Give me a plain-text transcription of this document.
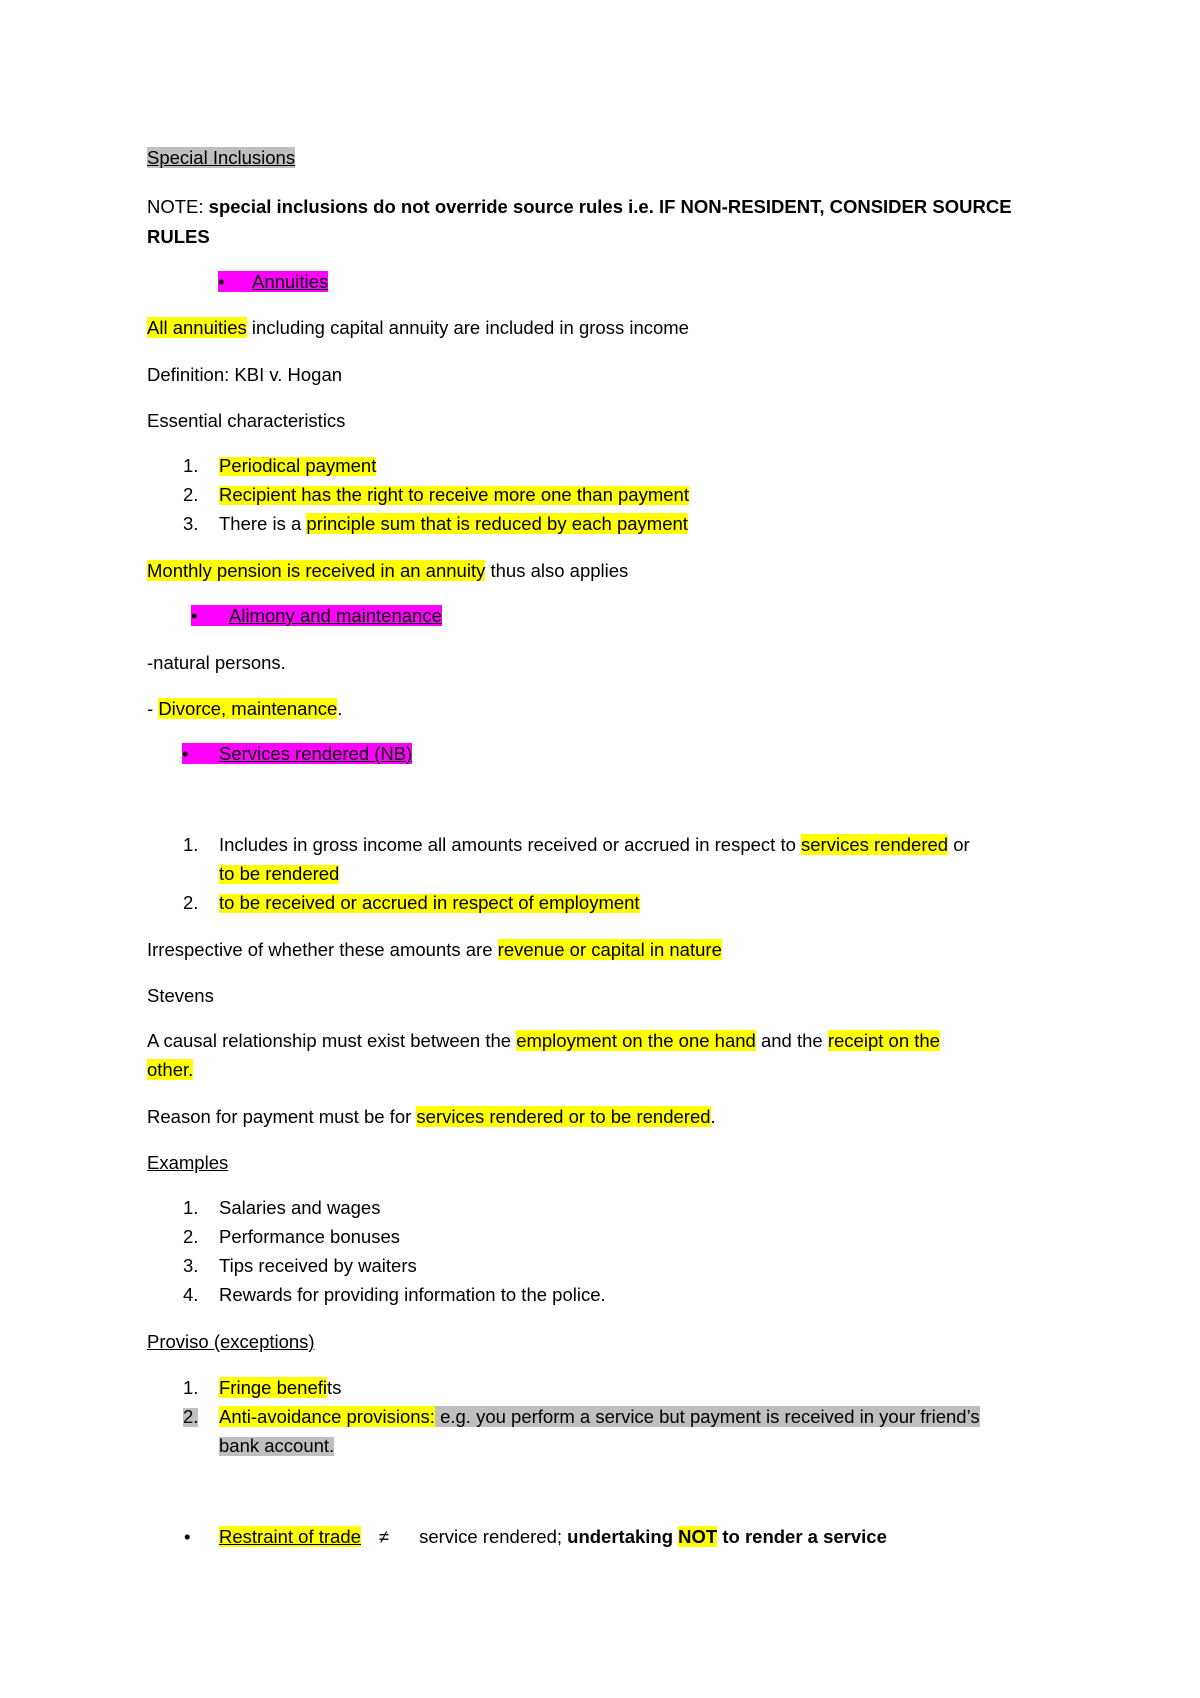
Special Inclusions
NOTE: special inclusions do not override source rules i.e. IF NON-RESIDENT, CONSIDER SOURCE
RULES
• Annuities
All annuities including capital annuity are included in gross income
Definition: KBI v. Hogan
Essential characteristics
1. Periodical payment
2. Recipient has the right to receive more one than payment
3. There is a principle sum that is reduced by each payment
Monthly pension is received in an annuity thus also applies
• Alimony and maintenance
-natural persons.
- Divorce, maintenance.
• Services rendered (NB)
1. Includes in gross income all amounts received or accrued in respect to services rendered or
to be rendered
2. to be received or accrued in respect of employment
Irrespective of whether these amounts are revenue or capital in nature
Stevens
A causal relationship must exist between the employment on the one hand and the receipt on the
other.
Reason for payment must be for services rendered or to be rendered.
Examples
1. Salaries and wages
2. Performance bonuses
3. Tips received by waiters
4. Rewards for providing information to the police.
Proviso (exceptions)
1. Fringe benefits
2. Anti-avoidance provisions: e.g. you perform a service but payment is received in your friend’s
bank account.
• Restraint of trade ≠ service rendered; undertaking NOT to render a service
